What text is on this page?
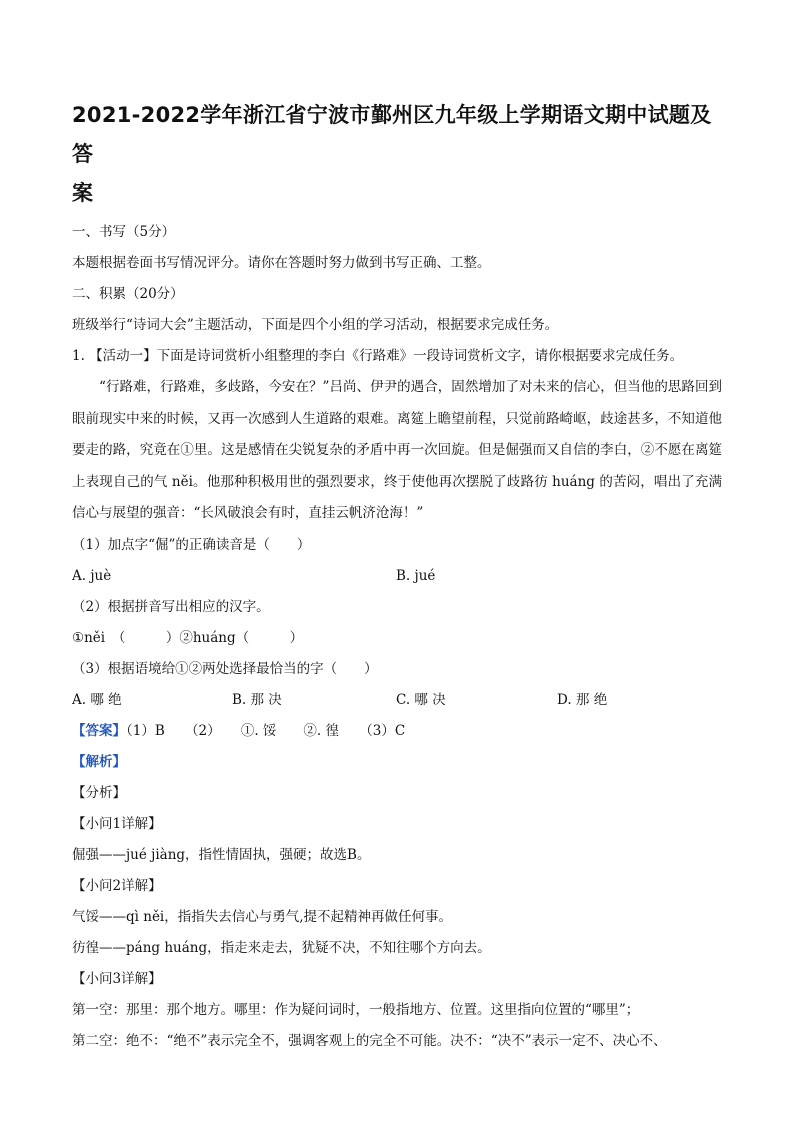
2021-2022学年浙江省宁波市鄞州区九年级上学期语文期中试题及答
案

一、书写（5分）

本题根据卷面书写情况评分。请你在答题时努力做到书写正确、工整。

二、积累（20分）

班级举行“诗词大会”主题活动，下面是四个小组的学习活动，根据要求完成任务。

1. 【活动一】下面是诗词赏析小组整理的李白《行路难》一段诗词赏析文字，请你根据要求完成任务。

“行路难，行路难，多歧路，今安在？”吕尚、伊尹的遇合，固然增加了对未来的信心，但当他的思路回到眼前现实中来的时候，又再一次感到人生道路的艰难。离筵上瞻望前程，只觉前路崎岖，歧途甚多，不知道他要走的路，究竟在①里。这是感情在尖锐复杂的矛盾中再一次回旋。但是倔强而又自信的李白，②不愿在离筵上表现自己的气 něi。他那种积极用世的强烈要求，终于使他再次摆脱了歧路彷 huáng 的苦闷，唱出了充满信心与展望的强音：“长风破浪会有时，直挂云帆济沧海！”

（1）加点字“倔”的正确读音是（　　）

A. juè	B. jué

（2）根据拼音写出相应的汉字。

①něi　（　　　）②huáng（　　　）

（3）根据语境给①②两处选择最恰当的字（　　）

A. 哪 绝	B. 那 决	C. 哪 决	D. 那 绝

【答案】（1）B　　（2）　　①. 馁　　②. 徨　　（3）C

【解析】

【分析】

【小问1详解】

倔强——jué jiàng，指性情固执，强硬；故选B。

【小问2详解】

气馁——qì něi，指指失去信心与勇气,提不起精神再做任何事。

彷徨——páng huáng，指走来走去，犹疑不决，不知往哪个方向去。

【小问3详解】

第一空：那里：那个地方。哪里：作为疑问词时，一般指地方、位置。这里指向位置的“哪里”；

第二空：绝不：“绝不”表示完全不，强调客观上的完全不可能。决不：“决不”表示一定不、决心不、
